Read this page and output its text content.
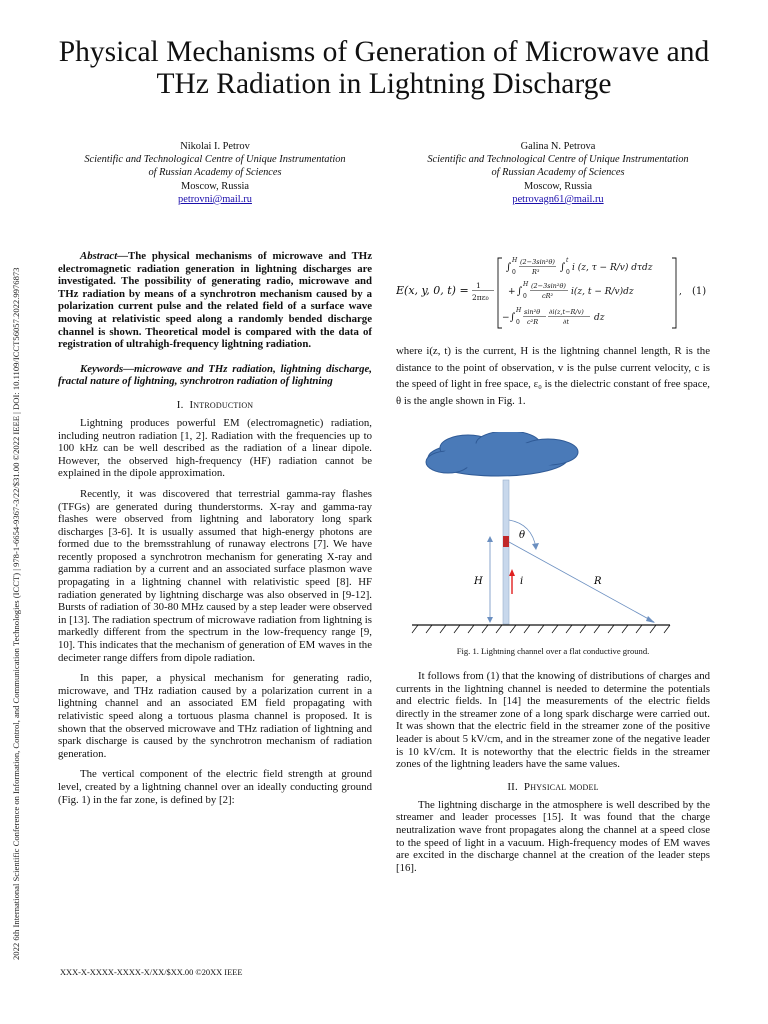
Physical Mechanisms of Generation of Microwave and THz Radiation in Lightning Discharge
2022 6th International Scientific Conference on Information, Control, and Communication Technologies (ICCT) | 978-1-6654-9367-3/22/$31.00 ©2022 IEEE | DOI: 10.1109/ICCT56057.2022.9976873
Nikolai I. Petrov
Scientific and Technological Centre of Unique Instrumentation
of Russian Academy of Sciences
Moscow, Russia
petrovni@mail.ru
Galina N. Petrova
Scientific and Technological Centre of Unique Instrumentation
of Russian Academy of Sciences
Moscow, Russia
petrovagn61@mail.ru
Abstract—The physical mechanisms of microwave and THz electromagnetic radiation generation in lightning discharges are investigated. The possibility of generating radio, microwave and THz radiation by means of a synchrotron mechanism caused by a polarization current pulse and the related field of a surface wave moving at relativistic speed along a randomly bended discharge channel is shown. Theoretical model is compared with the data of registration of ultrahigh-frequency lightning radiation.
Keywords—microwave and THz radiation, lightning discharge, fractal nature of lightning, synchrotron radiation of lightning
I. Introduction
Lightning produces powerful EM (electromagnetic) radiation, including neutron radiation [1, 2]. Radiation with the frequencies up to 100 kHz can be well described as the radiation of a linear dipole. However, the observed high-frequency (HF) radiation cannot be explained in the dipole approximation.
Recently, it was discovered that terrestrial gamma-ray flashes (TFGs) are generated during thunderstorms. X-ray and gamma-ray flashes were observed from lightning and laboratory long spark discharges [3-6]. It is usually assumed that high-energy photons are formed due to the bremsstrahlung of runaway electrons [7]. We have recently proposed a synchrotron mechanism for generating X-ray and gamma radiation by a current and an associated surface plasmon wave propagating in a lightning channel with relativistic speed [8]. HF radiation generated by lightning discharge was also observed in [9-12]. Bursts of radiation of 30-80 MHz caused by a step leader were observed in [13]. The radiation spectrum of microwave radiation from lightning is markedly different from the spectrum in the low-frequency range [9, 10]. This indicates that the mechanism of generation of EM waves in the decimeter range differs from dipole radiation.
In this paper, a physical mechanism for generating radio, microwave, and THz radiation caused by a polarization current in a lightning channel and an associated EM field propagating with relativistic speed along a tortuous plasma channel is proposed. It is shown that the observed microwave and THz radiation of lightning and spark discharge is caused by the synchrotron mechanism of radiation generation.
The vertical component of the electric field strength at ground level, created by a lightning channel over an ideally conducting ground (Fig. 1) in the far zone, is defined by [2]:
E(x, y, 0, t) = 1
2πε₀
∫ 0
H (2−3sin²θ)
R³ ∫ 0
t
i (z, τ − R/v) dτdz
+ ∫ 0
H (2−3sin²θ)
cR² i(z, t − R/v)dz
− ∫ 0
H sin²θ
c²R
∂i(z,t−R/v)
∂t	dz
, (1)
where i(z, t) is the current, H is the lightning channel length, R is the distance to the point of observation, v is the pulse current velocity, c is the speed of light in free space, ε₀ is the dielectric constant of free space, θ is the angle shown in Fig. 1.
H	i	R
θ
Fig. 1. Lightning channel over a flat conductive ground.
It follows from (1) that the knowing of distributions of charges and currents in the lightning channel is needed to determine the potentials and electric fields. In [14] the measurements of the electric fields directly in the streamer zone of a long spark discharge were carried out. It was shown that the electric field in the streamer zone of the positive leader is about 5 kV/cm, and in the streamer zone of the negative leader is 10 kV/cm. It is noteworthy that the electric fields in the streamer zones of the lightning leaders have the same values.
II. Physical model
The lightning discharge in the atmosphere is well described by the streamer and leader processes [15]. It was found that the charge neutralization wave front propagates along the channel at a speed close to the speed of light in a vacuum. High-frequency modes of EM waves are excited in the discharge channel at the creation of the leader steps [16].
XXX-X-XXXX-XXXX-X/XX/$XX.00 ©20XX IEEE
